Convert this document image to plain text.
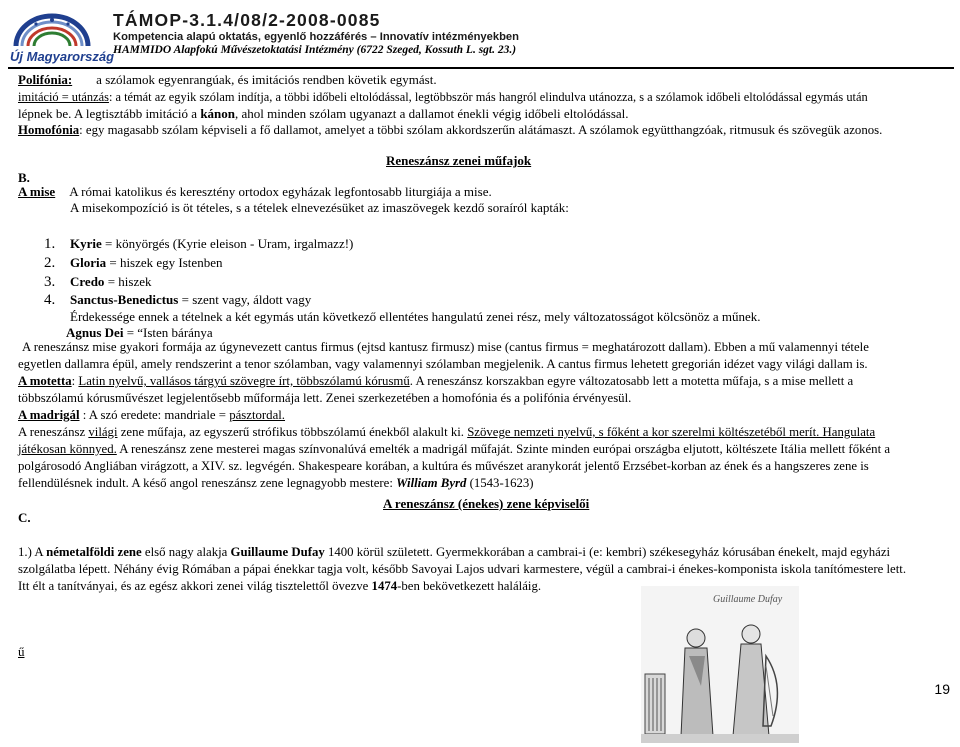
Új Magyarország
TÁMOP-3.1.4/08/2-2008-0085
Kompetencia alapú oktatás, egyenlő hozzáférés – Innovatív intézményekben
HAMMIDO Alapfokú Művészetoktatási Intézmény (6722 Szeged, Kossuth L. sgt. 23.)
Polifónia: a szólamok egyenrangúak, és imitációs rendben követik egymást.
imitáció = utánzás: a témát az egyik szólam indítja, a többi időbeli eltolódással, legtöbbször más hangról elindulva utánozza, s a szólamok időbeli eltolódással egymás után
lépnek be. A legtisztább imitáció a kánon, ahol minden szólam ugyanazt a dallamot énekli végig időbeli eltolódással.
Homofónia: egy magasabb szólam képviseli a fő dallamot, amelyet a többi szólam akkordszerűn alátámaszt. A szólamok együtthangzóak, ritmusuk és szövegük azonos.
Reneszánsz zenei műfajok
B.
A mise A római katolikus és keresztény ortodox egyházak legfontosabb liturgiája a mise.
A misekompozíció is öt tételes, s a tételek elnevezésüket az imaszövegek kezdő soraíról kapták:
1. Kyrie = könyörgés (Kyrie eleison - Uram, irgalmazz!)
2. Gloria = hiszek egy Istenben
3. Credo = hiszek
4. Sanctus-Benedictus = szent vagy, áldott vagy
Érdekessége ennek a tételnek a két egymás után következő ellentétes hangulatú zenei rész, mely változatosságot kölcsönöz a műnek.
Agnus Dei = “Isten báránya
A reneszánsz mise gyakori formája az úgynevezett cantus firmus (ejtsd kantusz firmusz) mise (cantus firmus = meghatározott dallam). Ebben a mű valamennyi tétele
egyetlen dallamra épül, amely rendszerint a tenor szólamban, vagy valamennyi szólamban megjelenik. A cantus firmus lehetett gregorián idézet vagy világi dallam is.
A motetta: Latin nyelvű, vallásos tárgyú szövegre írt, többszólamú kórusmű. A reneszánsz korszakban egyre változatosabb lett a motetta műfaja, s a mise mellett a
többszólamú kórusművészet legjelentősebb műformája lett. Zenei szerkezetében a homofónia és a polifónia érvényesül.
A madrigál : A szó eredete: mandriale = pásztordal.
A reneszánsz világi zene műfaja, az egyszerű strófikus többszólamú énekből alakult ki. Szövege nemzeti nyelvű, s főként a kor szerelmi költészetéből merít. Hangulata
játékosan könnyed. A reneszánsz zene mesterei magas színvonalúvá emelték a madrigál műfaját. Szinte minden európai országba eljutott, költészete Itália mellett főként a
polgárosodó Angliában virágzott, a XIV. sz. legvégén. Shakespeare korában, a kultúra és művészet aranykorát jelentő Erzsébet-korban az ének és a hangszeres zene is
fellendülésnek indult. A késő angol reneszánsz zene legnagyobb mestere: William Byrd (1543-1623)
A reneszánsz (énekes) zene képviselői
C.
1.) A németalföldi zene első nagy alakja Guillaume Dufay 1400 körül született. Gyermekkorában a cambrai-i (e: kembri) székesegyház kórusában énekelt, majd egyházi
szolgálatba lépett. Néhány évig Rómában a pápai énekkar tagja volt, később Savoyai Lajos udvari karmestere, végül a cambrai-i énekes-komponista iskola tanítómestere lett.
Itt élt a tanítványai, és az egész akkori zenei világ tisztelettől övezve 1474-ben bekövetkezett haláláig.
ű
Guillaume Dufay
19
